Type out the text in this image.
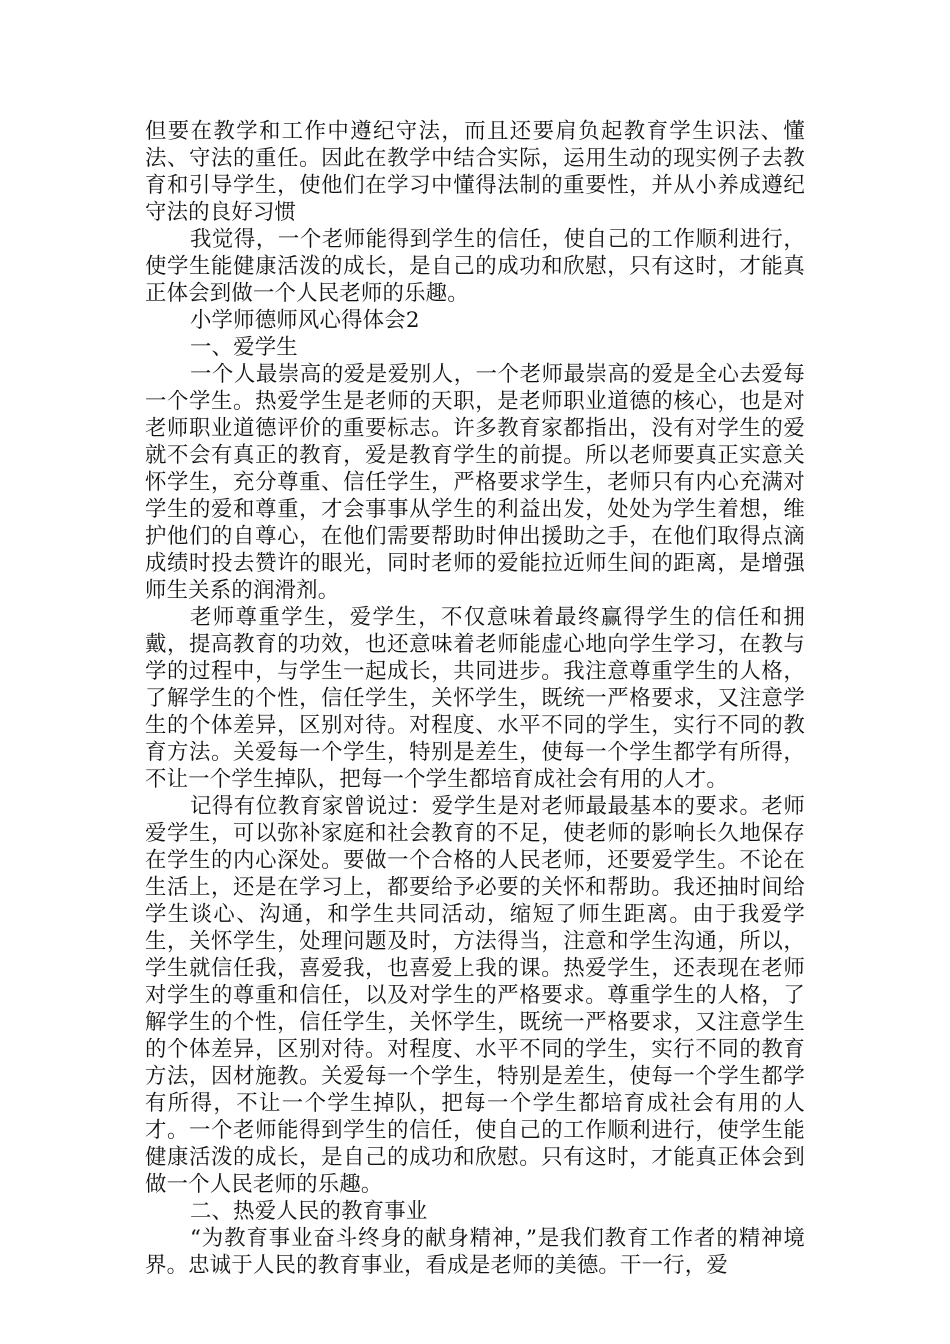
但要在教学和工作中遵纪守法，而且还要肩负起教育学生识法、懂法、守法的重任。因此在教学中结合实际，运用生动的现实例子去教育和引导学生，使他们在学习中懂得法制的重要性，并从小养成遵纪守法的良好习惯

我觉得，一个老师能得到学生的信任，使自己的工作顺利进行，使学生能健康活泼的成长，是自己的成功和欣慰，只有这时，才能真正体会到做一个人民老师的乐趣。

小学师德师风心得体会2

一、爱学生

一个人最崇高的爱是爱别人，一个老师最崇高的爱是全心去爱每一个学生。热爱学生是老师的天职，是老师职业道德的核心，也是对老师职业道德评价的重要标志。许多教育家都指出，没有对学生的爱就不会有真正的教育，爱是教育学生的前提。所以老师要真正实意关怀学生，充分尊重、信任学生，严格要求学生，老师只有内心充满对学生的爱和尊重，才会事事从学生的利益出发，处处为学生着想，维护他们的自尊心，在他们需要帮助时伸出援助之手，在他们取得点滴成绩时投去赞许的眼光，同时老师的爱能拉近师生间的距离，是增强师生关系的润滑剂。

老师尊重学生，爱学生，不仅意味着最终赢得学生的信任和拥戴，提高教育的功效，也还意味着老师能虚心地向学生学习，在教与学的过程中，与学生一起成长，共同进步。我注意尊重学生的人格，了解学生的个性，信任学生，关怀学生，既统一严格要求，又注意学生的个体差异，区别对待。对程度、水平不同的学生，实行不同的教育方法。关爱每一个学生，特别是差生，使每一个学生都学有所得，不让一个学生掉队，把每一个学生都培育成社会有用的人才。

记得有位教育家曾说过：爱学生是对老师最最基本的要求。老师爱学生，可以弥补家庭和社会教育的不足，使老师的影响长久地保存在学生的内心深处。要做一个合格的人民老师，还要爱学生。不论在生活上，还是在学习上，都要给予必要的关怀和帮助。我还抽时间给学生谈心、沟通，和学生共同活动，缩短了师生距离。由于我爱学生，关怀学生，处理问题及时，方法得当，注意和学生沟通，所以，学生就信任我，喜爱我，也喜爱上我的课。热爱学生，还表现在老师对学生的尊重和信任，以及对学生的严格要求。尊重学生的人格，了解学生的个性，信任学生，关怀学生，既统一严格要求，又注意学生的个体差异，区别对待。对程度、水平不同的学生，实行不同的教育方法，因材施教。关爱每一个学生，特别是差生，使每一个学生都学有所得，不让一个学生掉队，把每一个学生都培育成社会有用的人才。一个老师能得到学生的信任，使自己的工作顺利进行，使学生能健康活泼的成长，是自己的成功和欣慰。只有这时，才能真正体会到做一个人民老师的乐趣。

二、热爱人民的教育事业

“为教育事业奋斗终身的献身精神，”是我们教育工作者的精神境界。忠诚于人民的教育事业，看成是老师的美德。干一行，爱
